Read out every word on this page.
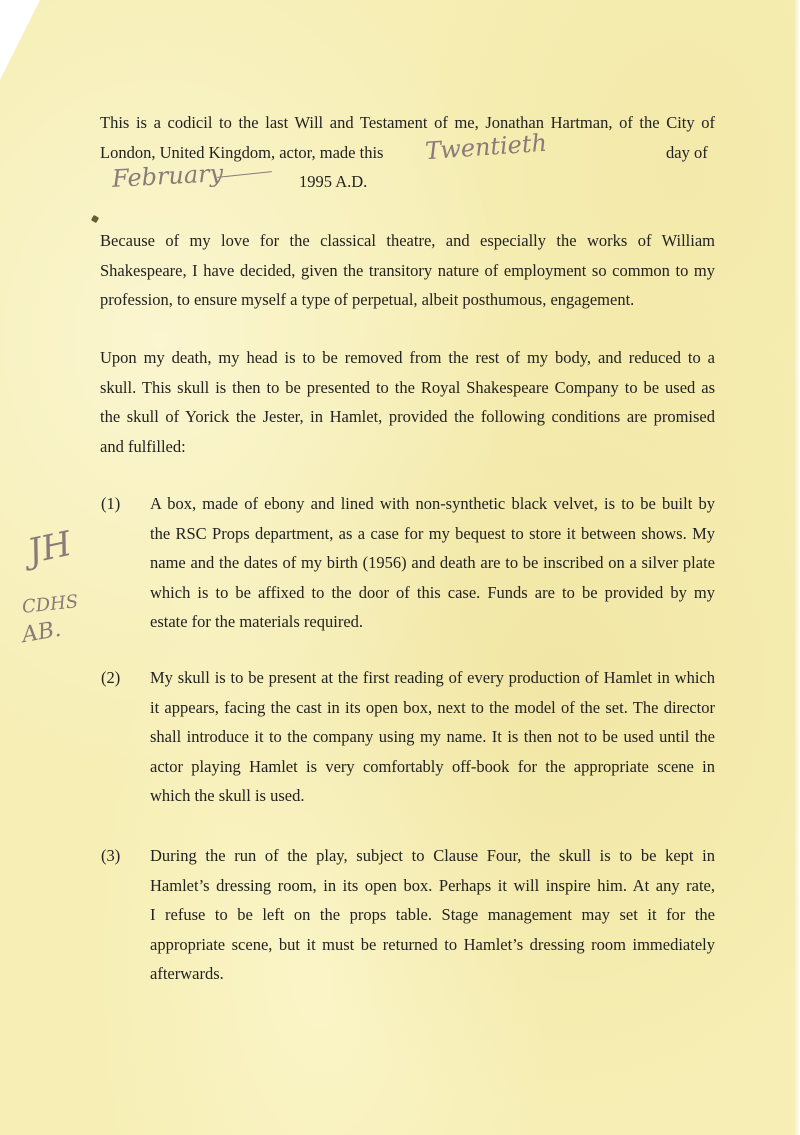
This is a codicil to the last Will and Testament of me, Jonathan Hartman, of the City of
London, United Kingdom, actor, made this Twentieth	day of
February	1995 A.D.
Because of my love for the classical theatre, and especially the works of William
Shakespeare, I have decided, given the transitory nature of employment so common to my
profession, to ensure myself a type of perpetual, albeit posthumous, engagement.
Upon my death, my head is to be removed from the rest of my body, and reduced to a
skull. This skull is then to be presented to the Royal Shakespeare Company to be used as
the skull of Yorick the Jester, in Hamlet, provided the following conditions are promised
and fulfilled:
(1) A box, made of ebony and lined with non-synthetic black velvet, is to be built by
the RSC Props department, as a case for my bequest to store it between shows. My
name and the dates of my birth (1956) and death are to be inscribed on a silver plate
which is to be affixed to the door of this case. Funds are to be provided by my
estate for the materials required.
(2) My skull is to be present at the first reading of every production of Hamlet in which
it appears, facing the cast in its open box, next to the model of the set. The director
shall introduce it to the company using my name. It is then not to be used until the
actor playing Hamlet is very comfortably off-book for the appropriate scene in
which the skull is used.
(3) During the run of the play, subject to Clause Four, the skull is to be kept in
Hamlet’s dressing room, in its open box. Perhaps it will inspire him. At any rate,
I refuse to be left on the props table. Stage management may set it for the
appropriate scene, but it must be returned to Hamlet’s dressing room immediately
afterwards.
JH
CDHS
AB.
